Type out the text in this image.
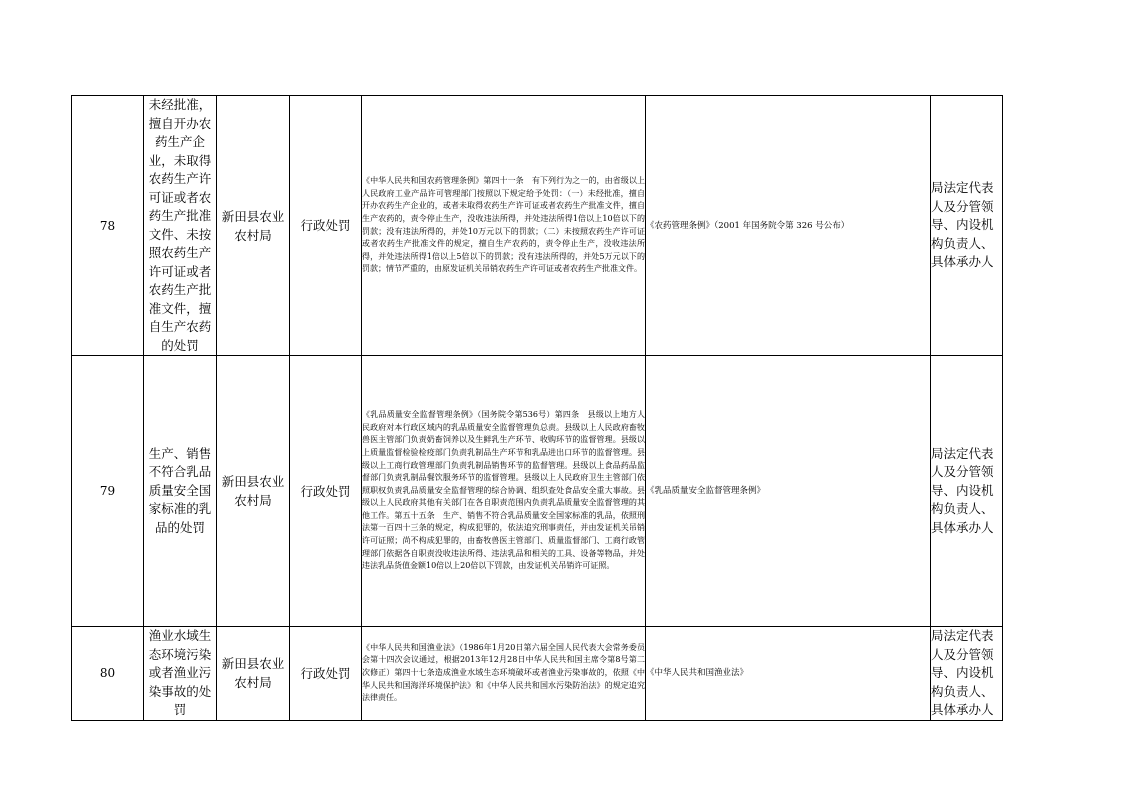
78	未经批准，擅自开办农药生产企业，未取得农药生产许可证或者农药生产批准文件、未按照农药生产许可证或者农药生产批准文件，擅自生产农药的处罚	新田县农业农村局	行政处罚	《中华人民共和国农药管理条例》第四十一条　有下列行为之一的，由省级以上人民政府工业产品许可管理部门按照以下规定给予处罚：（一）未经批准，擅自开办农药生产企业的，或者未取得农药生产许可证或者农药生产批准文件，擅自生产农药的，责令停止生产，没收违法所得，并处违法所得1倍以上10倍以下的罚款；没有违法所得的，并处10万元以下的罚款；（二）未按照农药生产许可证或者农药生产批准文件的规定，擅自生产农药的，责令停止生产，没收违法所得，并处违法所得1倍以上5倍以下的罚款；没有违法所得的，并处5万元以下的罚款；情节严重的，由原发证机关吊销农药生产许可证或者农药生产批准文件。	《农药管理条例》（2001 年国务院令第 326 号公布）	局法定代表人及分管领导、内设机构负责人、具体承办人
79	生产、销售不符合乳品质量安全国家标准的乳品的处罚	新田县农业农村局	行政处罚	《乳品质量安全监督管理条例》（国务院令第536号）第四条　县级以上地方人民政府对本行政区域内的乳品质量安全监督管理负总责。县级以上人民政府畜牧兽医主管部门负责奶畜饲养以及生鲜乳生产环节、收购环节的监督管理。县级以上质量监督检验检疫部门负责乳制品生产环节和乳品进出口环节的监督管理。县级以上工商行政管理部门负责乳制品销售环节的监督管理。县级以上食品药品监督部门负责乳制品餐饮服务环节的监督管理。县级以上人民政府卫生主管部门依照职权负责乳品质量安全监督管理的综合协调、组织查处食品安全重大事故。县级以上人民政府其他有关部门在各自职责范围内负责乳品质量安全监督管理的其他工作。第五十五条　生产、销售不符合乳品质量安全国家标准的乳品，依照刑法第一百四十三条的规定，构成犯罪的，依法追究刑事责任，并由发证机关吊销许可证照；尚不构成犯罪的，由畜牧兽医主管部门、质量监督部门、工商行政管理部门依据各自职责没收违法所得、违法乳品和相关的工具、设备等物品，并处违法乳品货值金额10倍以上20倍以下罚款，由发证机关吊销许可证照。	《乳品质量安全监督管理条例》	局法定代表人及分管领导、内设机构负责人、具体承办人
80	渔业水域生态环境污染或者渔业污染事故的处罚	新田县农业农村局	行政处罚	《中华人民共和国渔业法》（1986年1月20日第六届全国人民代表大会常务委员会第十四次会议通过，根据2013年12月28日中华人民共和国主席令第8号第二次修正）第四十七条造成渔业水域生态环境破坏或者渔业污染事故的，依照《中华人民共和国海洋环境保护法》和《中华人民共和国水污染防治法》的规定追究法律责任。	《中华人民共和国渔业法》	局法定代表人及分管领导、内设机构负责人、具体承办人
